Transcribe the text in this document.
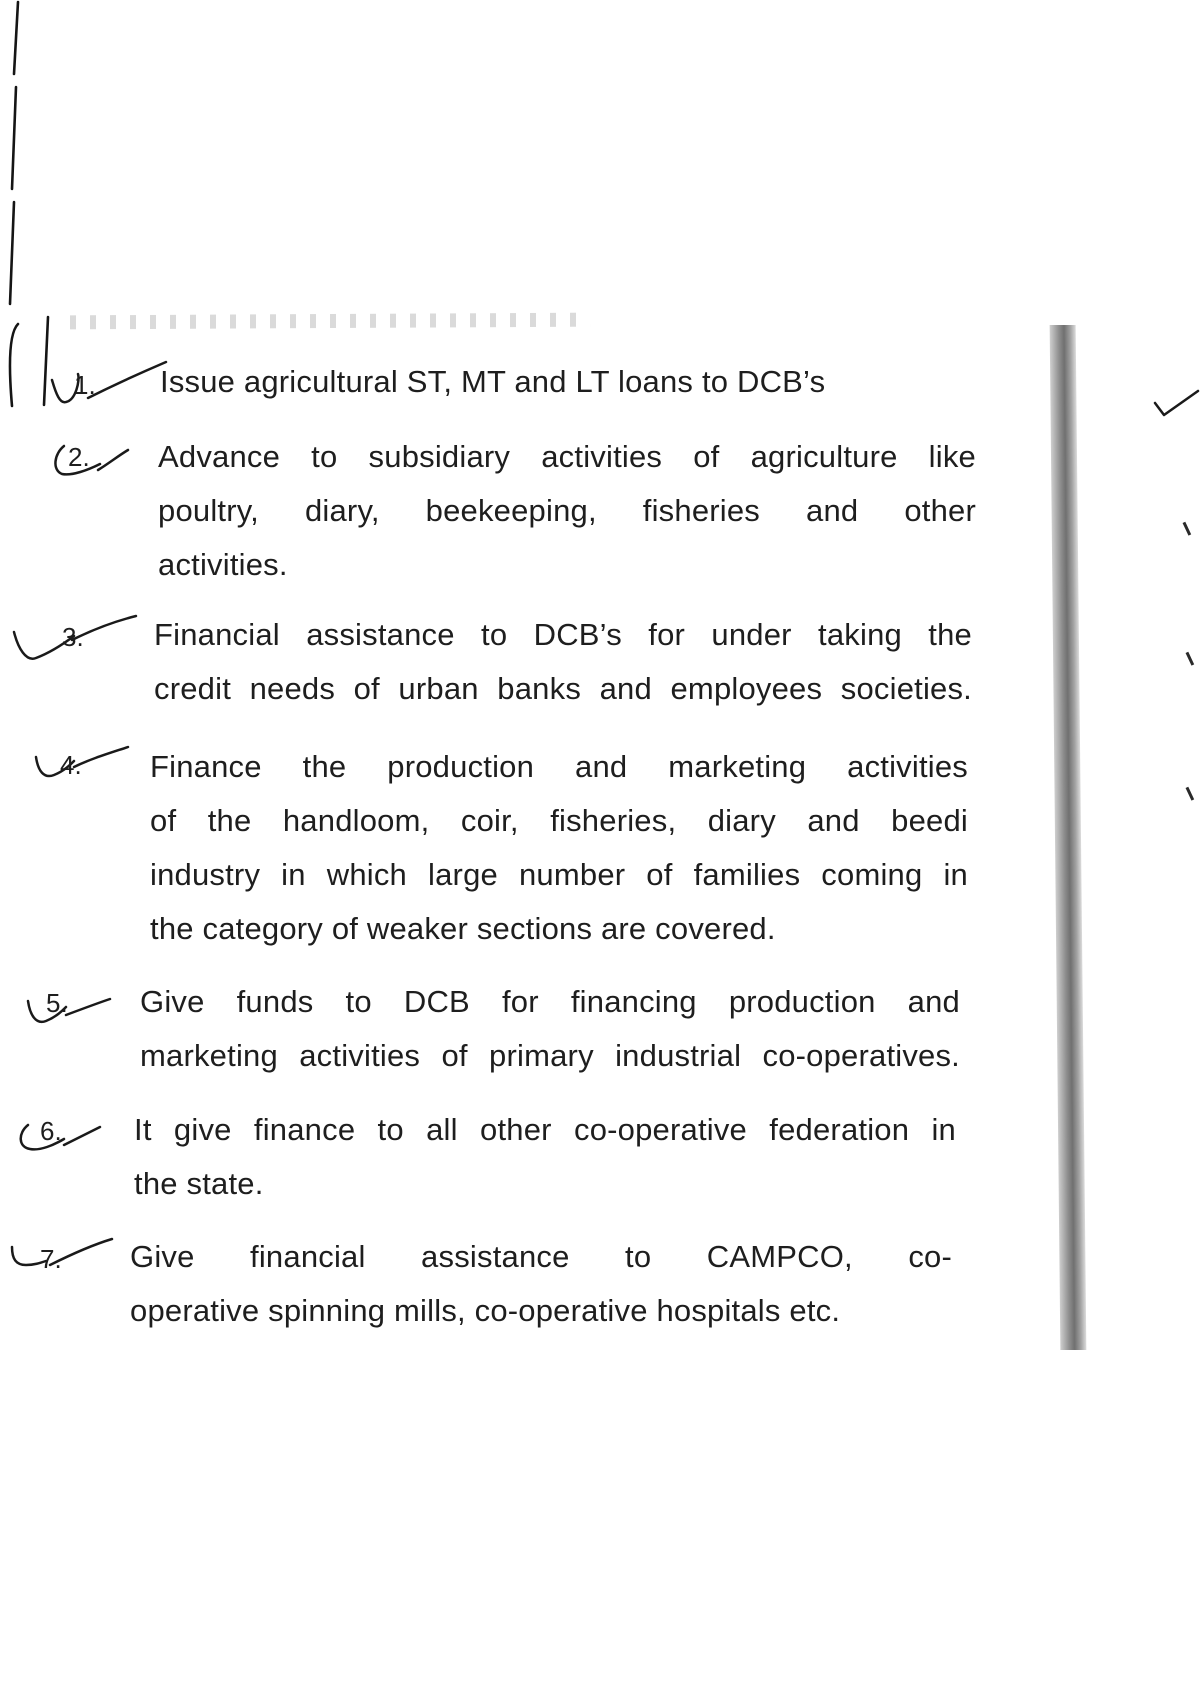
1. Issue agricultural ST, MT and LT loans to DCB’s
2. Advance to subsidiary activities of agriculture like
poultry, diary, beekeeping, fisheries and other
activities.
3. Financial assistance to DCB’s for under taking the
credit needs of urban banks and employees societies.
4. Finance the production and marketing activities
of the handloom, coir, fisheries, diary and beedi
industry in which large number of families coming in
the category of weaker sections are covered.
5. Give funds to DCB for financing production and
marketing activities of primary industrial co-operatives.

6. It give finance to all other co-operative federation in
the state.
7. Give financial assistance to CAMPCO, co-
operative spinning mills, co-operative hospitals etc.
